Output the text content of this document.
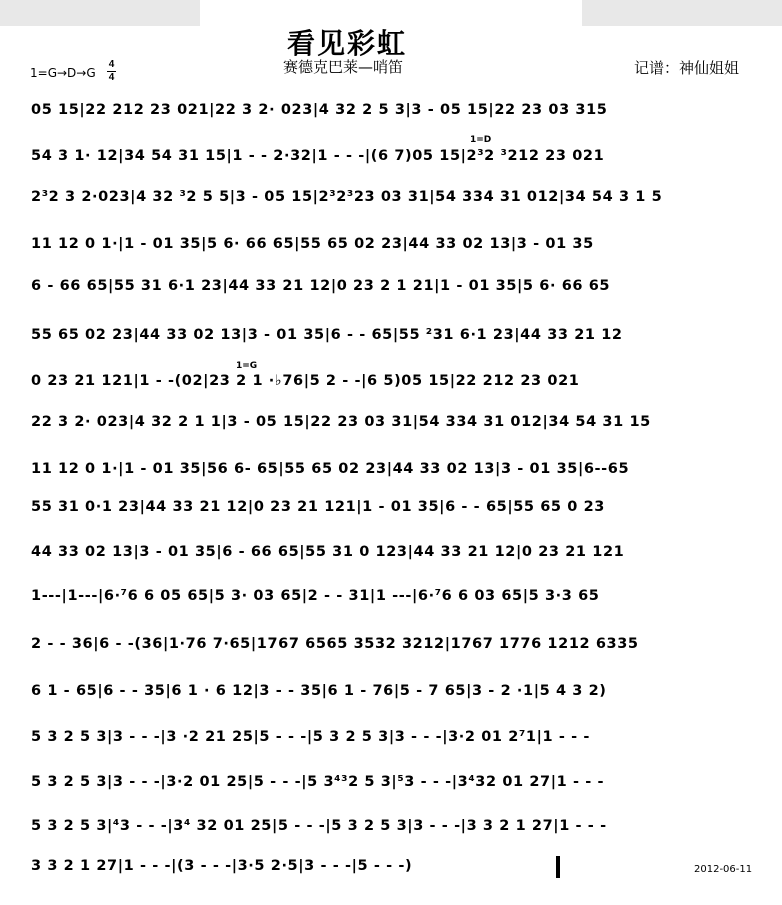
看见彩虹
赛德克巴莱—哨笛	记谱：神仙姐姐
1=G→D→G
4
4
1=D
1=G
05 15|22 212 23 021|22 3 2· 023|4 32 2 5 3|3 - 05 15|22 23 03 315
54 3 1· 12|34 54 31 15|1 - - 2·32|1 - - -|(6 7)05 15|2³2 ³212 23 021
2³2 3 2·023|4 32 ³2 5 5|3 - 05 15|2³2³23 03 31|54 334 31 012|34 54 3 1 5
11 12 0 1·|1 - 01 35|5 6· 66 65|55 65 02 23|44 33 02 13|3 - 01 35
6 - 66 65|55 31 6·1 23|44 33 21 12|0 23 2 1 21|1 - 01 35|5 6· 66 65
55 65 02 23|44 33 02 13|3 - 01 35|6 - - 65|55 ²31 6·1 23|44 33 21 12
0 23 21 121|1 - -(02|23 2 1 ·♭76|5 2 - -|6 5)05 15|22 212 23 021
22 3 2· 023|4 32 2 1 1|3 - 05 15|22 23 03 31|54 334 31 012|34 54 31 15
11 12 0 1·|1 - 01 35|56 6- 65|55 65 02 23|44 33 02 13|3 - 01 35|6--65
55 31 0·1 23|44 33 21 12|0 23 21 121|1 - 01 35|6 - - 65|55 65 0 23
44 33 02 13|3 - 01 35|6 - 66 65|55 31 0 123|44 33 21 12|0 23 21 121
1---|1---|6·⁷6 6 05 65|5 3· 03 65|2 - - 31|1 ---|6·⁷6 6 03 65|5 3·3 65
2 - - 36|6 - -(36|1·76 7·65|1767 6565 3532 3212|1767 1776 1212 6335
6 1 - 65|6 - - 35|6 1 · 6 12|3 - - 35|6 1 - 76|5 - 7 65|3 - 2 ·1|5 4 3 2)
5 3 2 5 3|3 - - -|3 ·2 21 25|5 - - -|5 3 2 5 3|3 - - -|3·2 01 2⁷1|1 - - -
5 3 2 5 3|3 - - -|3·2 01 25|5 - - -|5 3⁴³2 5 3|⁵3 - - -|3⁴32 01 27|1 - - -
5 3 2 5 3|⁴3 - - -|3⁴ 32 01 25|5 - - -|5 3 2 5 3|3 - - -|3 3 2 1 27|1 - - -
3 3 2 1 27|1 - - -|(3 - - -|3·5 2·5|3 - - -|5 - - -)	2012-06-11
